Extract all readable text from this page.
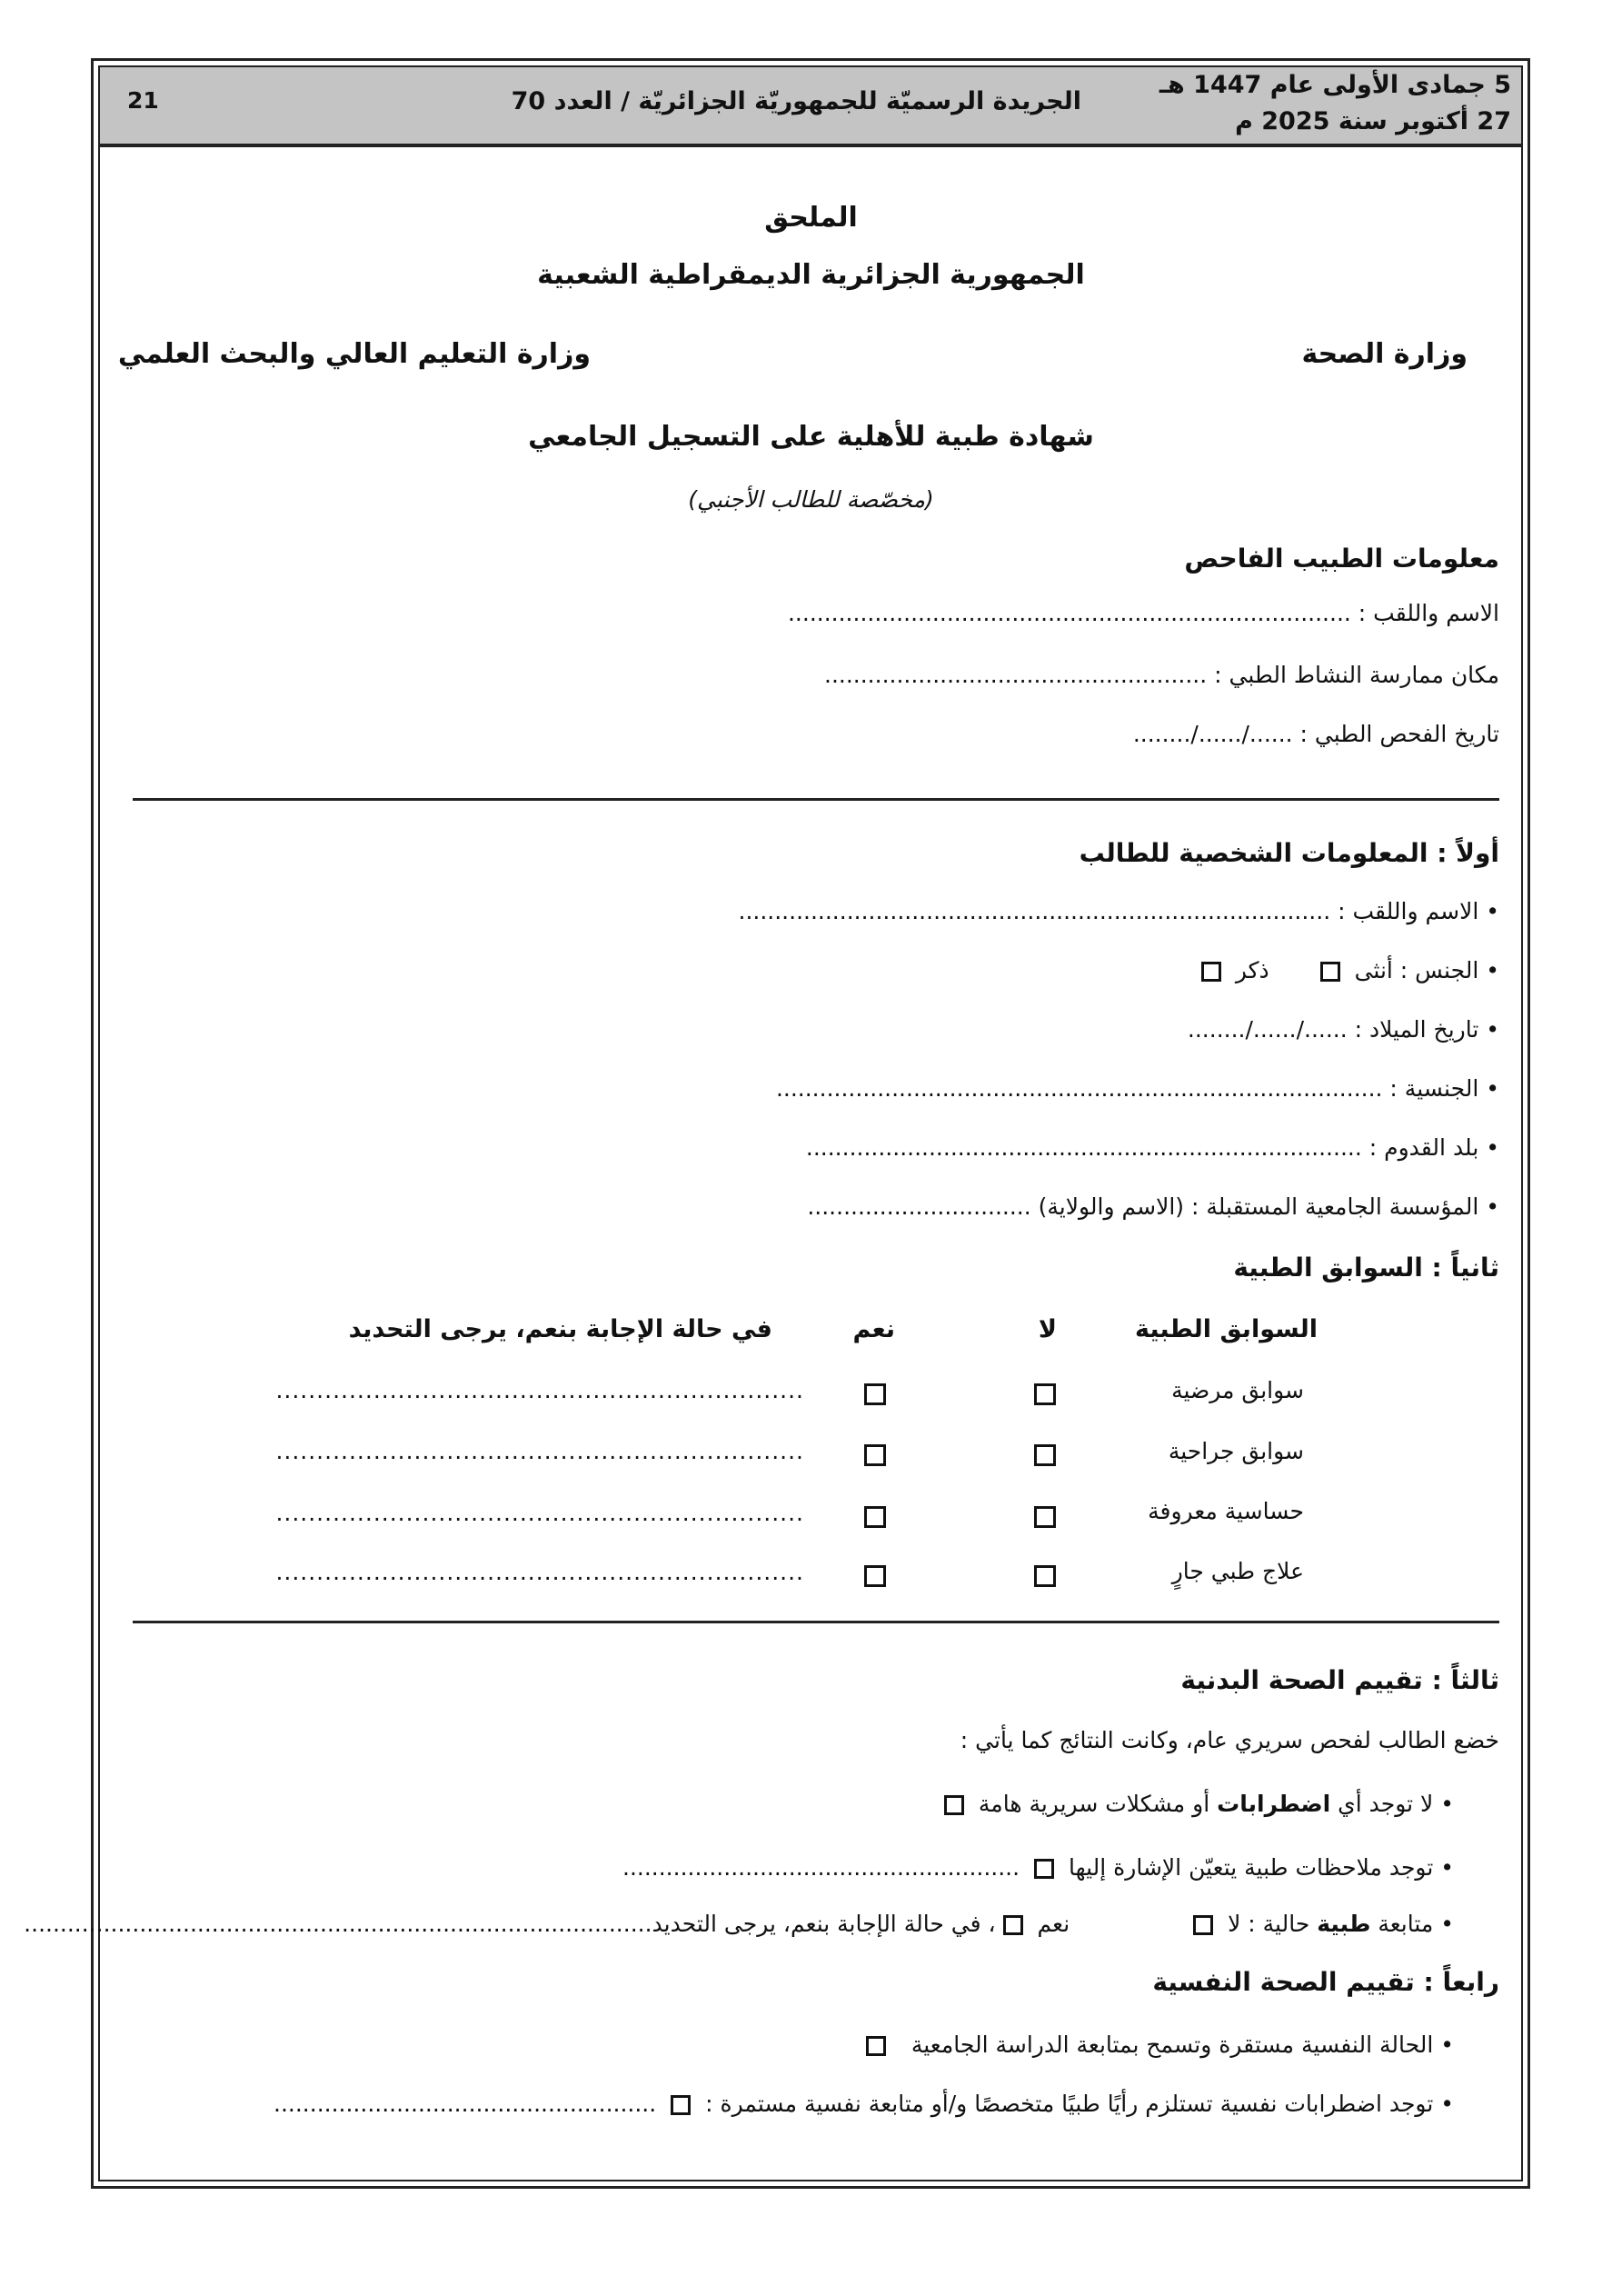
5 جمادى الأولى عام 1447 هـ
27 أكتوبر سنة 2025 م
الجريدة الرسميّة للجمهوريّة الجزائريّة / العدد 70
21
الملحق
الجمهورية الجزائرية الديمقراطية الشعبية
وزارة الصحة
وزارة التعليم العالي والبحث العلمي
شهادة طبية للأهلية على التسجيل الجامعي
(مخصّصة للطالب الأجنبي)
معلومات الطبيب الفاحص
الاسم واللقب : ..............................................................................
مكان ممارسة النشاط الطبي : .....................................................
تاريخ الفحص الطبي : ....../....../........
أولاً : المعلومات الشخصية للطالب
• الاسم واللقب : ..................................................................................
• الجنس : أنثى  ذكر
• تاريخ الميلاد : ....../....../........
• الجنسية : ....................................................................................
• بلد القدوم : .............................................................................
• المؤسسة الجامعية المستقبلة : (الاسم والولاية) ...............................
ثانياً : السوابق الطبية
السوابق الطبية
لا
نعم
في حالة الإجابة بنعم، يرجى التحديد
سوابق مرضية
.................................................................
سوابق جراحية
.................................................................
حساسية معروفة
.................................................................
علاج طبي جارٍ
.................................................................
ثالثاً : تقييم الصحة البدنية
خضع الطالب لفحص سريري عام، وكانت النتائج كما يأتي :
• لا توجد أي اضطرابات أو مشكلات سريرية هامة
• توجد ملاحظات طبية يتعيّن الإشارة إليها  .......................................................
• متابعة طبية حالية : لا  نعم ، في حالة الإجابة بنعم، يرجى التحديد.......................................................................................
رابعاً : تقييم الصحة النفسية
• الحالة النفسية مستقرة وتسمح بمتابعة الدراسة الجامعية
• توجد اضطرابات نفسية تستلزم رأيًا طبيًا متخصصًا و/أو متابعة نفسية مستمرة :  .....................................................
